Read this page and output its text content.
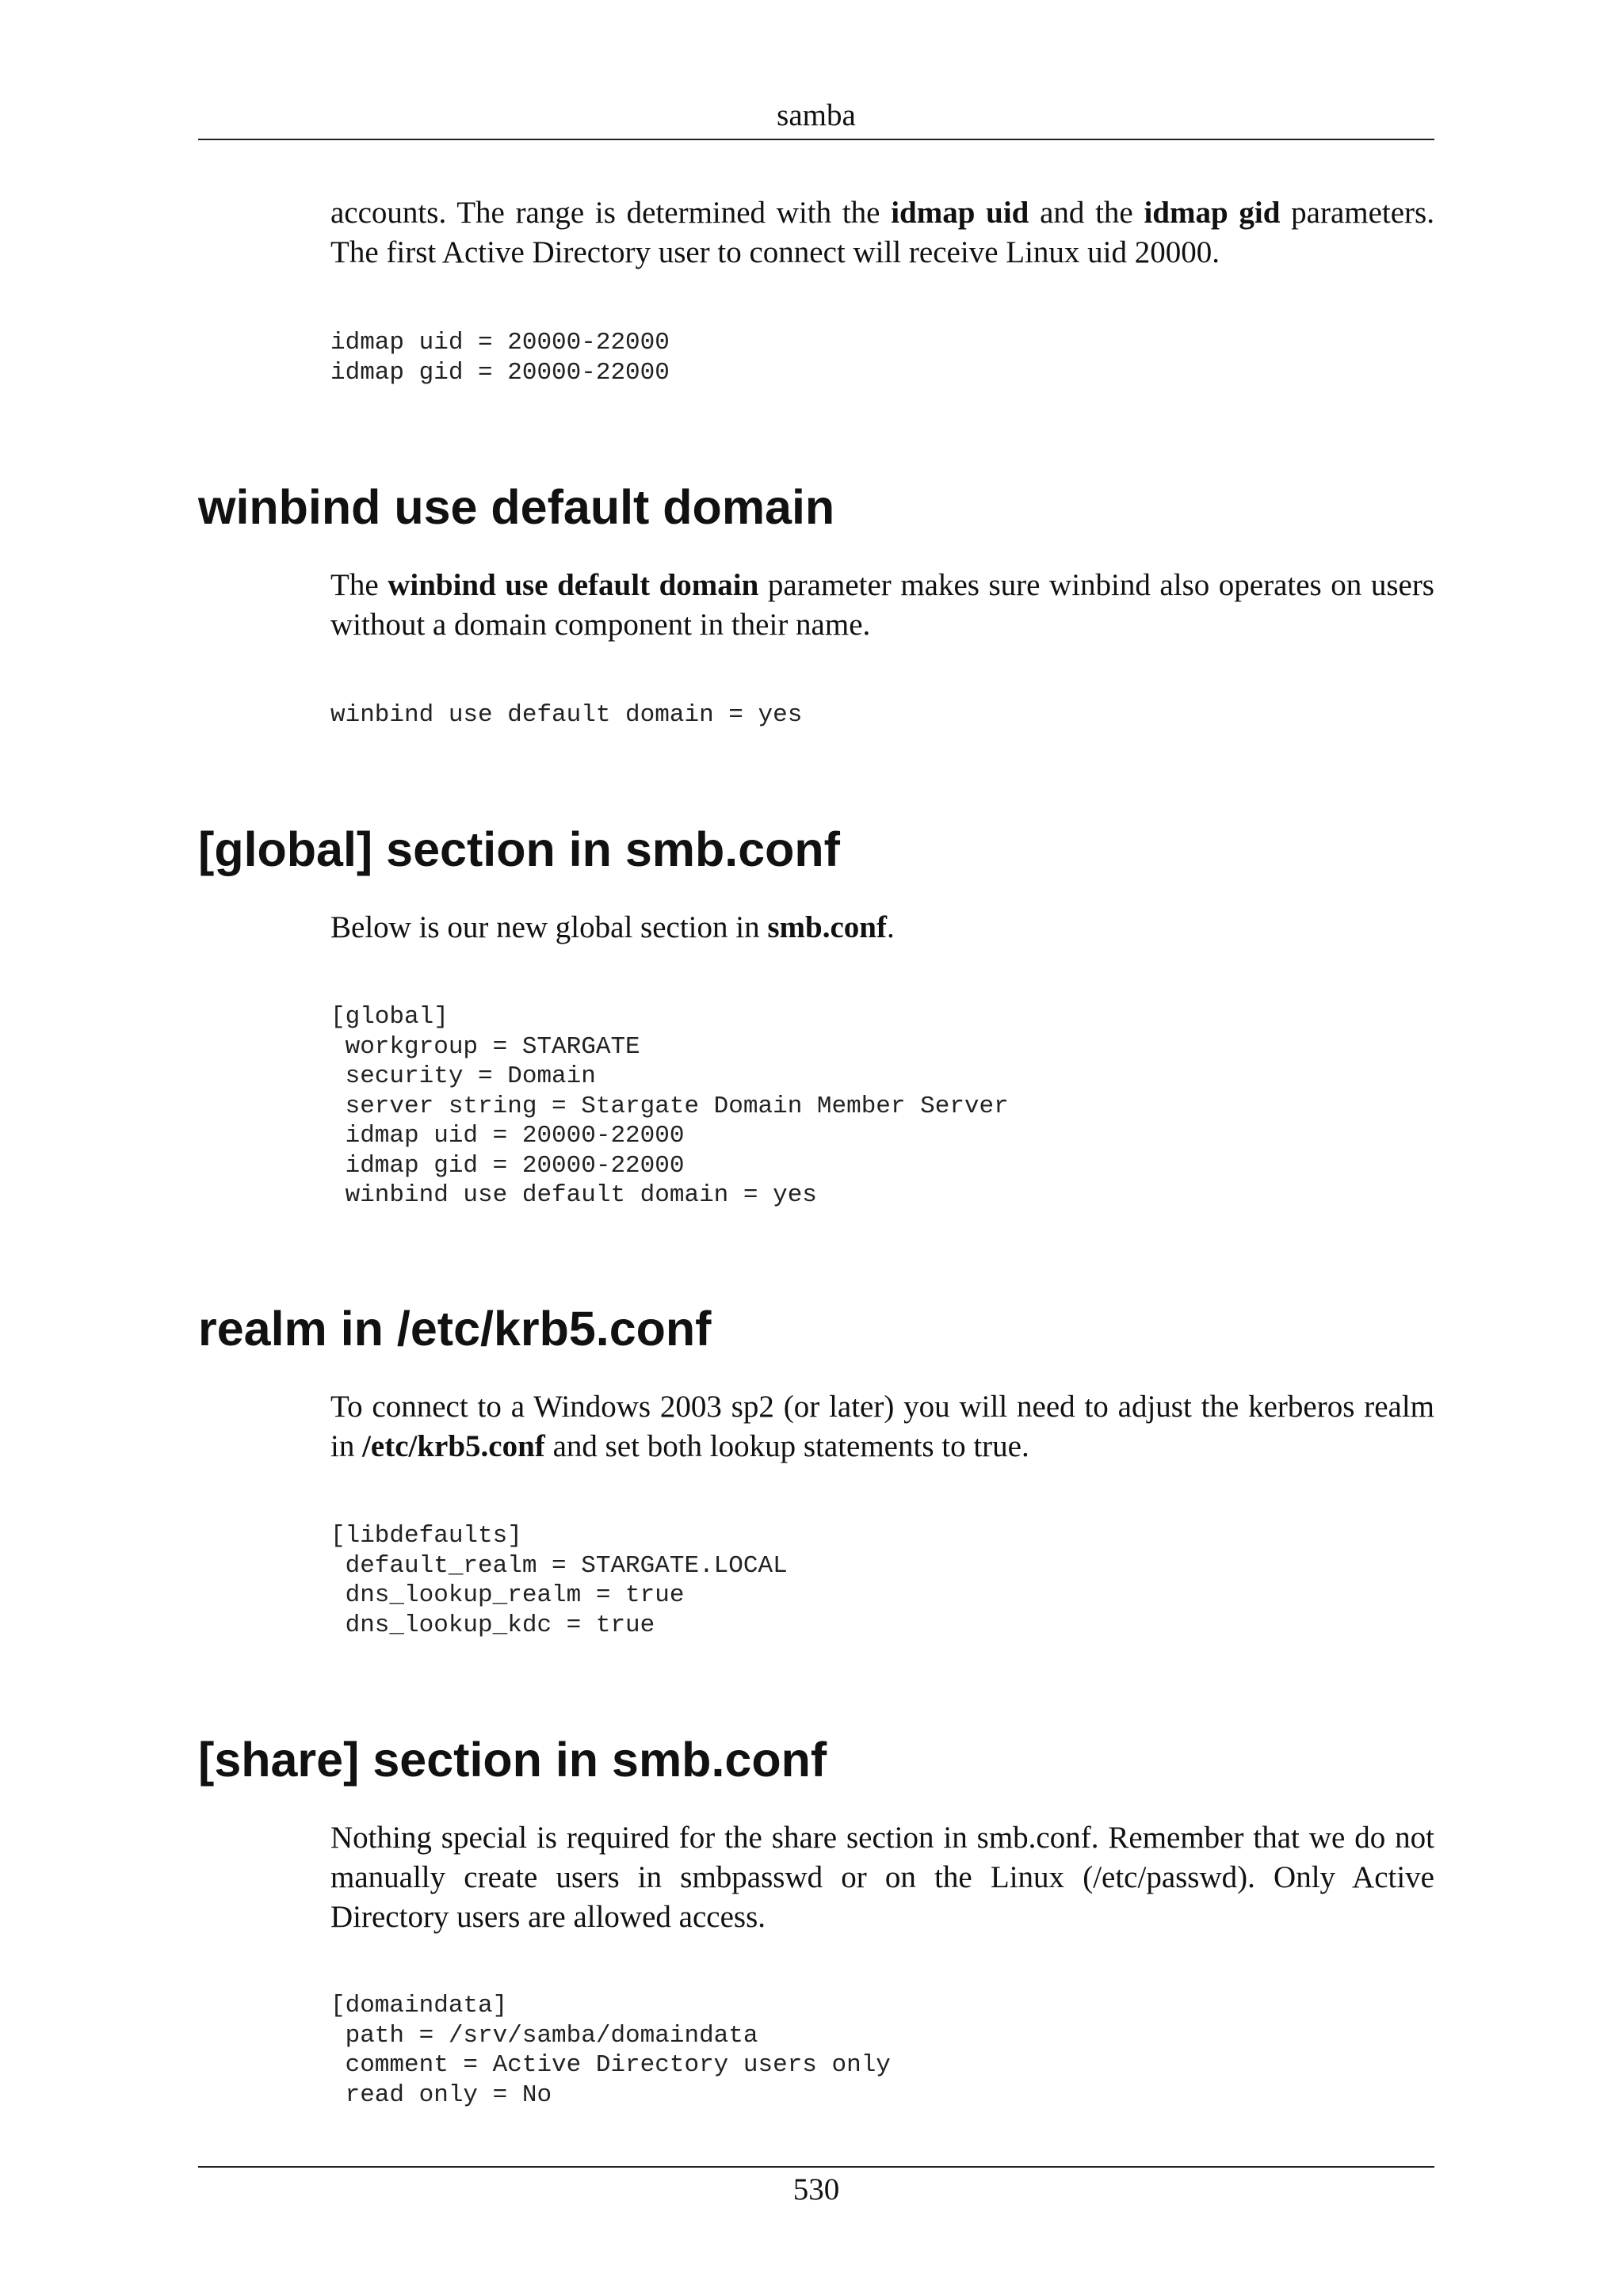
samba

accounts. The range is determined with the idmap uid and the idmap gid parameters. The first Active Directory user to connect will receive Linux uid 20000.

idmap uid = 20000-22000
idmap gid = 20000-22000
winbind use default domain

The winbind use default domain parameter makes sure winbind also operates on users without a domain component in their name.

winbind use default domain = yes
[global] section in smb.conf

Below is our new global section in smb.conf.

[global]
workgroup = STARGATE
security = Domain
server string = Stargate Domain Member Server
idmap uid = 20000-22000
idmap gid = 20000-22000
winbind use default domain = yes
realm in /etc/krb5.conf

To connect to a Windows 2003 sp2 (or later) you will need to adjust the kerberos realm in /etc/krb5.conf and set both lookup statements to true.

[libdefaults]
default_realm = STARGATE.LOCAL
dns_lookup_realm = true
dns_lookup_kdc = true
[share] section in smb.conf

Nothing special is required for the share section in smb.conf. Remember that we do not manually create users in smbpasswd or on the Linux (/etc/passwd). Only Active Directory users are allowed access.

[domaindata]
path = /srv/samba/domaindata
comment = Active Directory users only
read only = No
530
